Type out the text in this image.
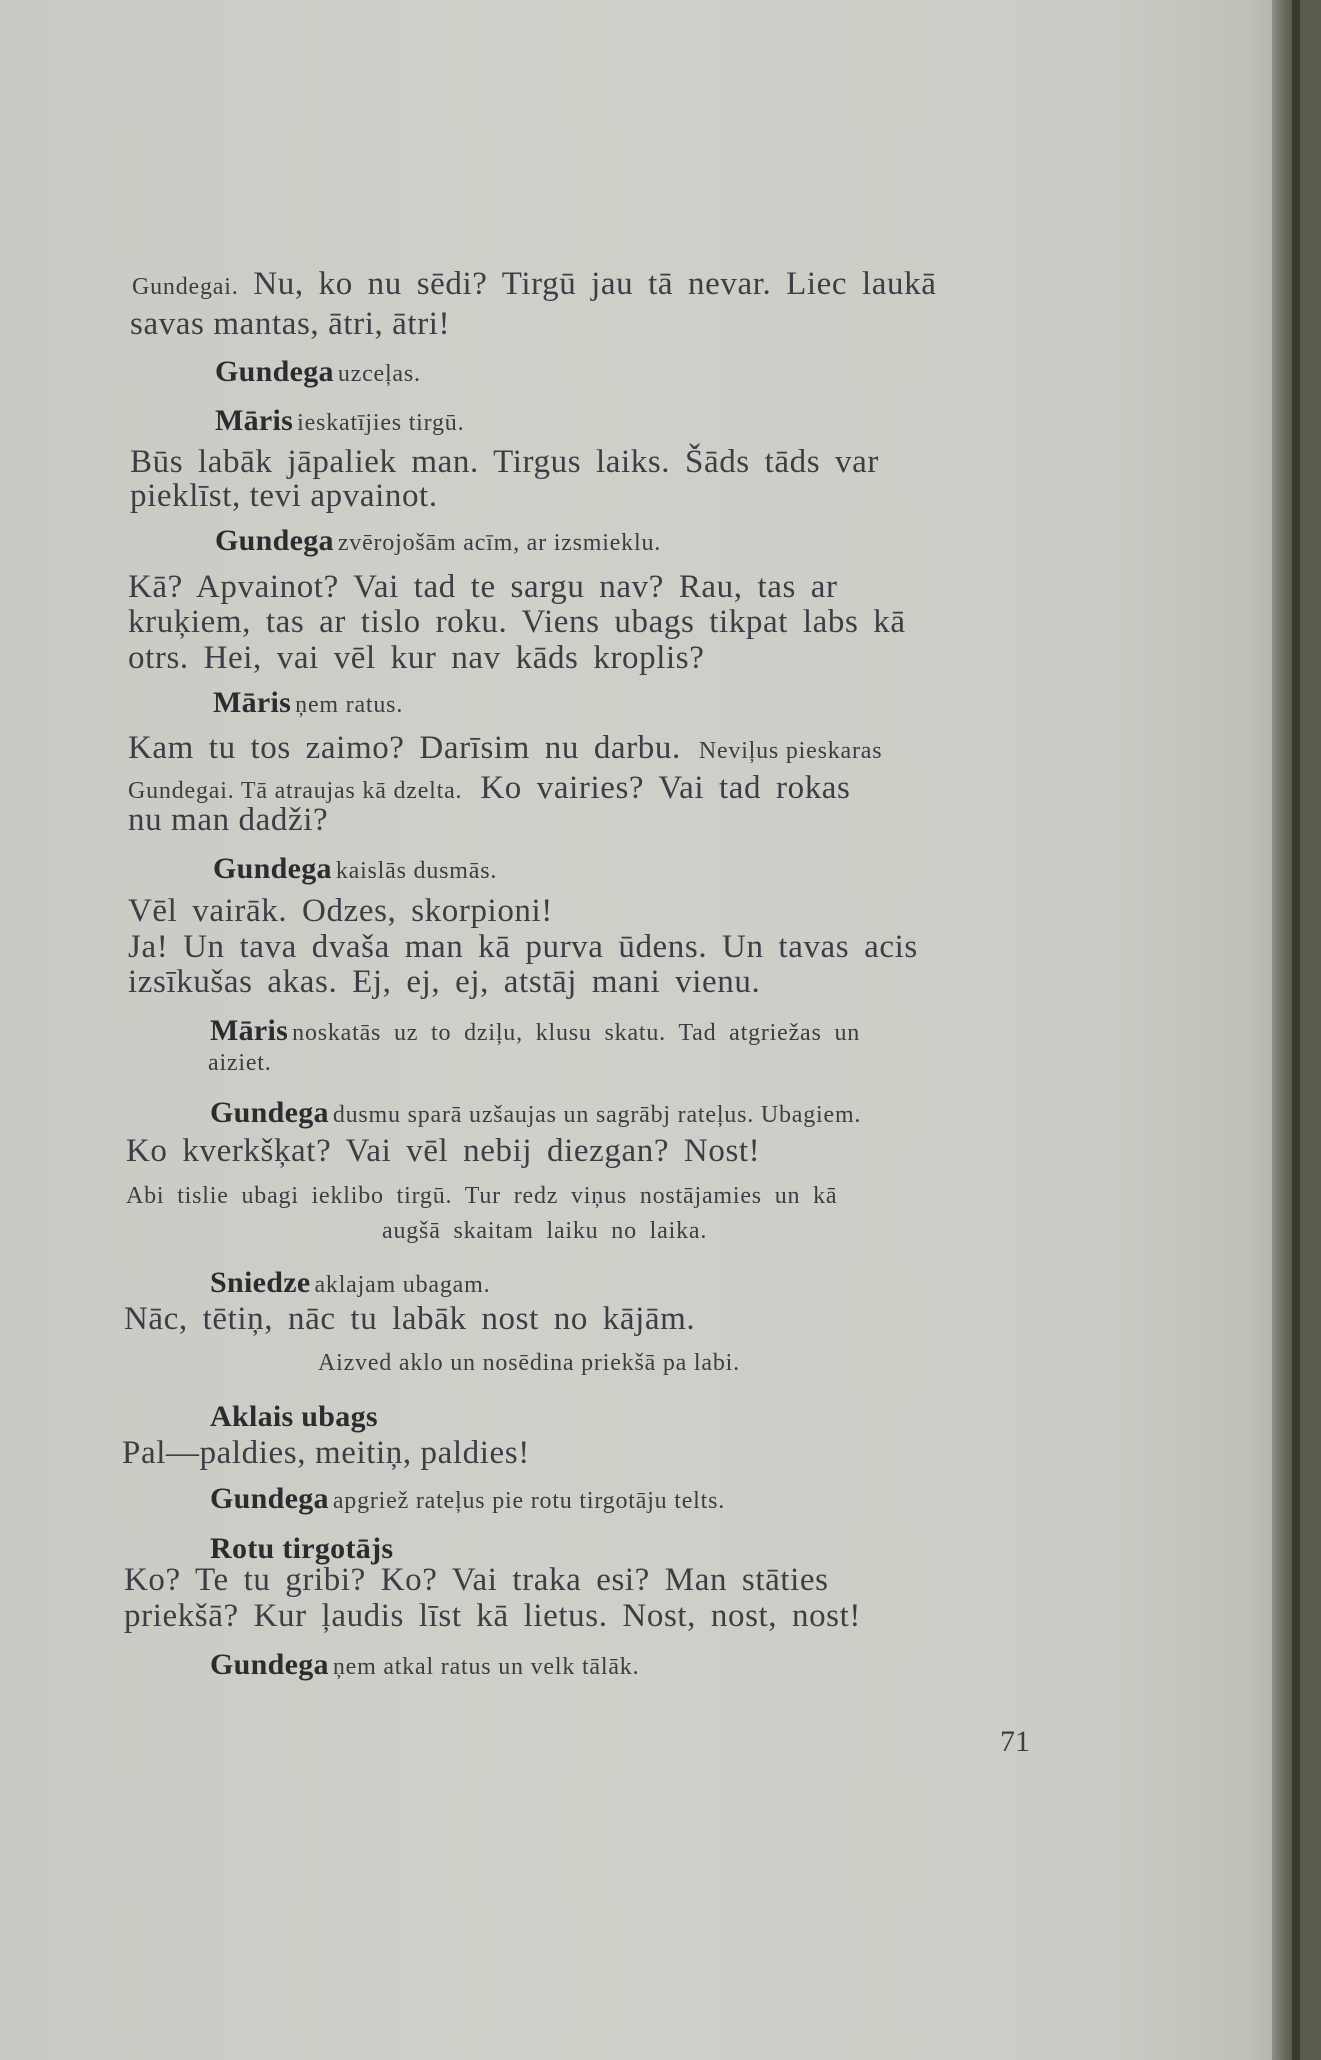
Gundegai. Nu, ko nu sēdi? Tirgū jau tā nevar. Liec laukā
savas mantas, ātri, ātri!
Gundega uzceļas.
Māris ieskatījies tirgū.
Būs labāk jāpaliek man. Tirgus laiks. Šāds tāds var
pieklīst, tevi apvainot.
Gundega zvērojošām acīm, ar izsmieklu.
Kā? Apvainot? Vai tad te sargu nav? Rau, tas ar
kruķiem, tas ar tislo roku. Viens ubags tikpat labs kā
otrs. Hei, vai vēl kur nav kāds kroplis?
Māris ņem ratus.
Kam tu tos zaimo? Darīsim nu darbu. Neviļus pieskaras
Gundegai. Tā atraujas kā dzelta. Ko vairies? Vai tad rokas
nu man dadži?
Gundega kaislās dusmās.
Vēl vairāk. Odzes, skorpioni!
Ja! Un tava dvaša man kā purva ūdens. Un tavas acis
izsīkušas akas. Ej, ej, ej, atstāj mani vienu.
Māris noskatās uz to dziļu, klusu skatu. Tad atgriežas un
aiziet.
Gundega dusmu sparā uzšaujas un sagrābj rateļus. Ubagiem.
Ko kverkšķat? Vai vēl nebij diezgan? Nost!
Abi tislie ubagi ieklibo tirgū. Tur redz viņus nostājamies un kā
augšā skaitam laiku no laika.
Sniedze aklajam ubagam.
Nāc, tētiņ, nāc tu labāk nost no kājām.
Aizved aklo un nosēdina priekšā pa labi.
Aklais ubags
Pal—paldies, meitiņ, paldies!
Gundega apgriež rateļus pie rotu tirgotāju telts.
Rotu tirgotājs
Ko? Te tu gribi? Ko? Vai traka esi? Man stāties
priekšā? Kur ļaudis līst kā lietus. Nost, nost, nost!
Gundega ņem atkal ratus un velk tālāk.
71
